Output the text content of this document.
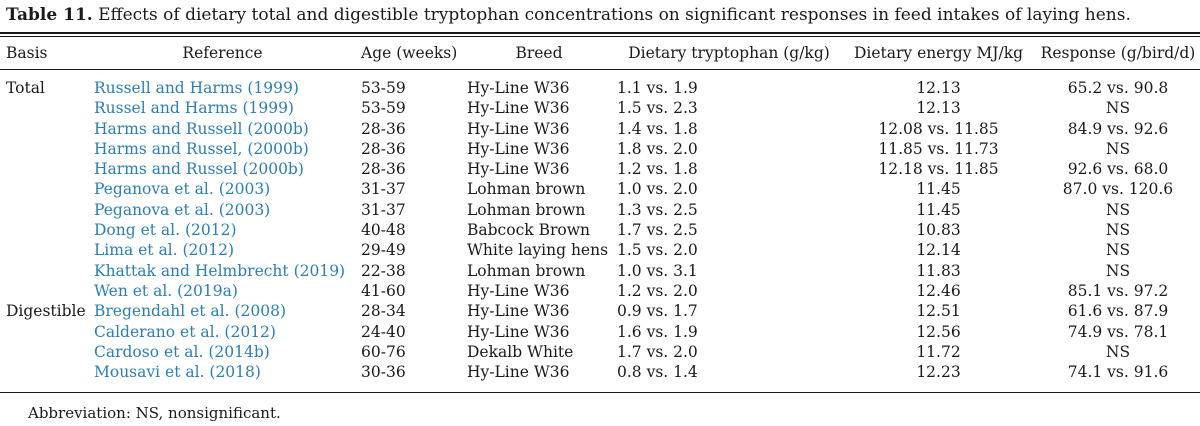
Table 11. Effects of dietary total and digestible tryptophan concentrations on significant responses in feed intakes of laying hens.
Basis	Reference	Age (weeks)	Breed	Dietary tryptophan (g/kg)	Dietary energy MJ/kg	Response (g/bird/d)
Total	Russell and Harms (1999)	53-59	Hy-Line W36	1.1 vs. 1.9	12.13	65.2 vs. 90.8
	Russel and Harms (1999)	53-59	Hy-Line W36	1.5 vs. 2.3	12.13	NS
	Harms and Russell (2000b)	28-36	Hy-Line W36	1.4 vs. 1.8	12.08 vs. 11.85	84.9 vs. 92.6
	Harms and Russel, (2000b)	28-36	Hy-Line W36	1.8 vs. 2.0	11.85 vs. 11.73	NS
	Harms and Russel (2000b)	28-36	Hy-Line W36	1.2 vs. 1.8	12.18 vs. 11.85	92.6 vs. 68.0
	Peganova et al. (2003)	31-37	Lohman brown	1.0 vs. 2.0	11.45	87.0 vs. 120.6
	Peganova et al. (2003)	31-37	Lohman brown	1.3 vs. 2.5	11.45	NS
	Dong et al. (2012)	40-48	Babcock Brown	1.7 vs. 2.5	10.83	NS
	Lima et al. (2012)	29-49	White laying hens	1.5 vs. 2.0	12.14	NS
	Khattak and Helmbrecht (2019)	22-38	Lohman brown	1.0 vs. 3.1	11.83	NS
	Wen et al. (2019a)	41-60	Hy-Line W36	1.2 vs. 2.0	12.46	85.1 vs. 97.2
Digestible	Bregendahl et al. (2008)	28-34	Hy-Line W36	0.9 vs. 1.7	12.51	61.6 vs. 87.9
	Calderano et al. (2012)	24-40	Hy-Line W36	1.6 vs. 1.9	12.56	74.9 vs. 78.1
	Cardoso et al. (2014b)	60-76	Dekalb White	1.7 vs. 2.0	11.72	NS
	Mousavi et al. (2018)	30-36	Hy-Line W36	0.8 vs. 1.4	12.23	74.1 vs. 91.6
Abbreviation: NS, nonsignificant.
